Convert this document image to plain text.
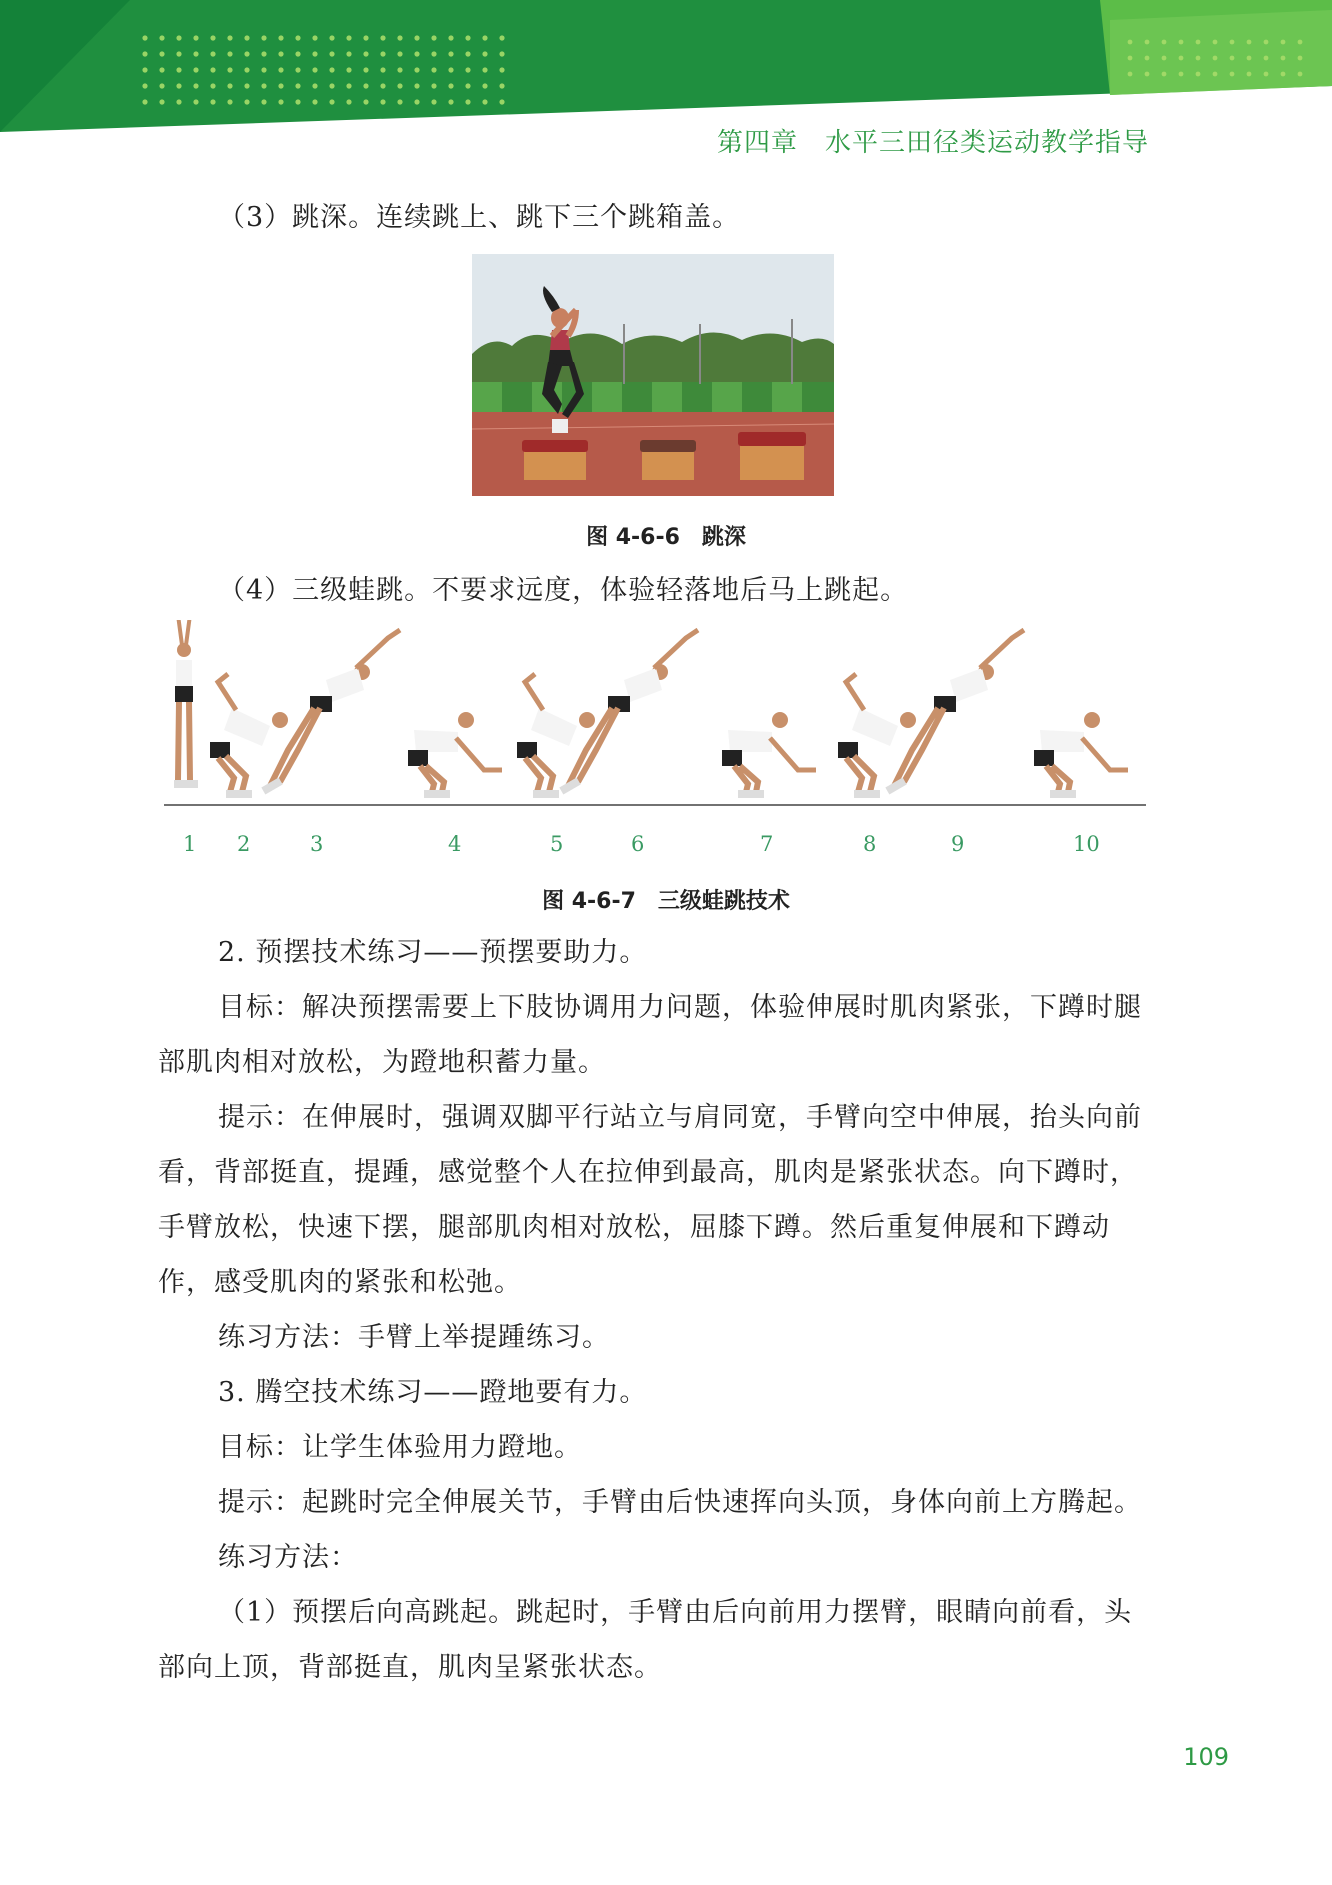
第四章　水平三田径类运动教学指导

（3）跳深。连续跳上、跳下三个跳箱盖。

图 4-6-6　跳深

（4）三级蛙跳。不要求远度，体验轻落地后马上跳起。

1 2	3	4	5	6	7	8	9	10
图 4-6-7　三级蛙跳技术

2. 预摆技术练习——预摆要助力。

目标：解决预摆需要上下肢协调用力问题，体验伸展时肌肉紧张，下蹲时腿部肌肉相对放松，为蹬地积蓄力量。

提示：在伸展时，强调双脚平行站立与肩同宽，手臂向空中伸展，抬头向前看，背部挺直，提踵，感觉整个人在拉伸到最高，肌肉是紧张状态。向下蹲时，手臂放松，快速下摆，腿部肌肉相对放松，屈膝下蹲。然后重复伸展和下蹲动作，感受肌肉的紧张和松弛。

练习方法：手臂上举提踵练习。

3. 腾空技术练习——蹬地要有力。

目标：让学生体验用力蹬地。

提示：起跳时完全伸展关节，手臂由后快速挥向头顶，身体向前上方腾起。

练习方法：

（1）预摆后向高跳起。跳起时，手臂由后向前用力摆臂，眼睛向前看，头部向上顶，背部挺直，肌肉呈紧张状态。

109
